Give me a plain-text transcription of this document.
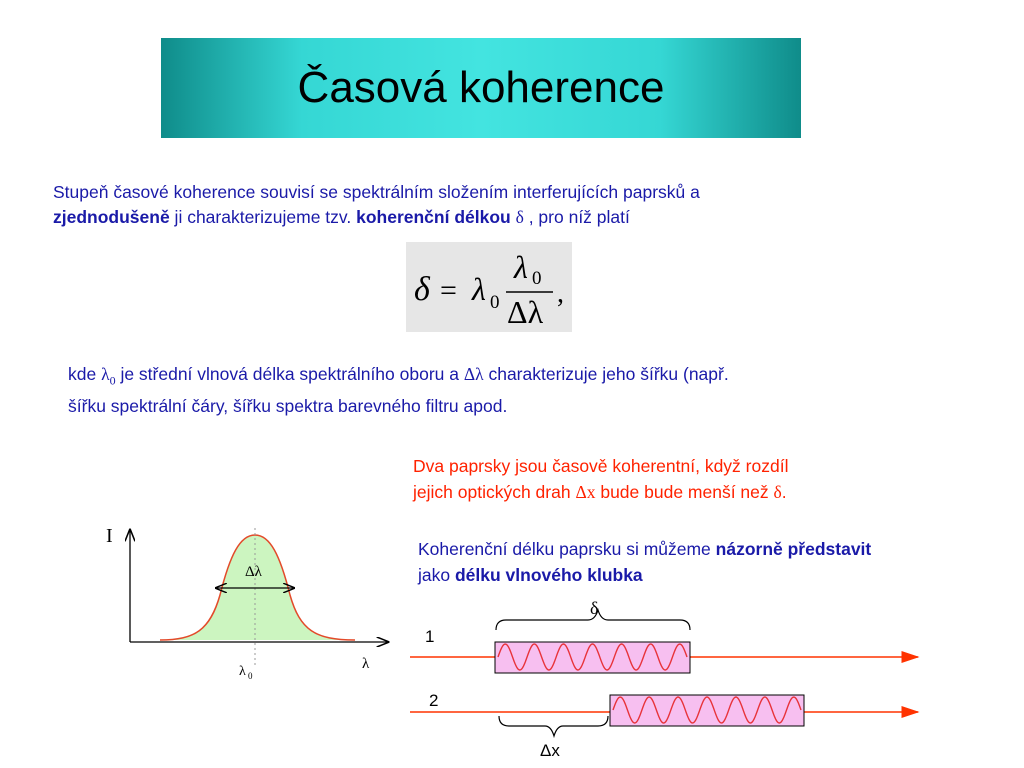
Časová koherence
Stupeň časové koherence souvisí se spektrálním složením interferujících paprsků a
zjednodušeně ji charakterizujeme tzv. koherenční délkou δ , pro níž platí
δ = λ 0
λ 0
Δλ
,
kde $\lambda_0$ je střední vlnová délka spektrálního oboru a Δλ charakterizuje jeho šířku (např.
šířku spektrální čáry, šířku spektra barevného filtru apod.
Dva paprsky jsou časově koherentní, když rozdíl
jejich optických drah Δx bude bude menší než δ.
Koherenční délku paprsku si můžeme názorně představit
jako délku vlnového klubka
I
λ
Δλ
λ 0
δ
1
2
Δx
